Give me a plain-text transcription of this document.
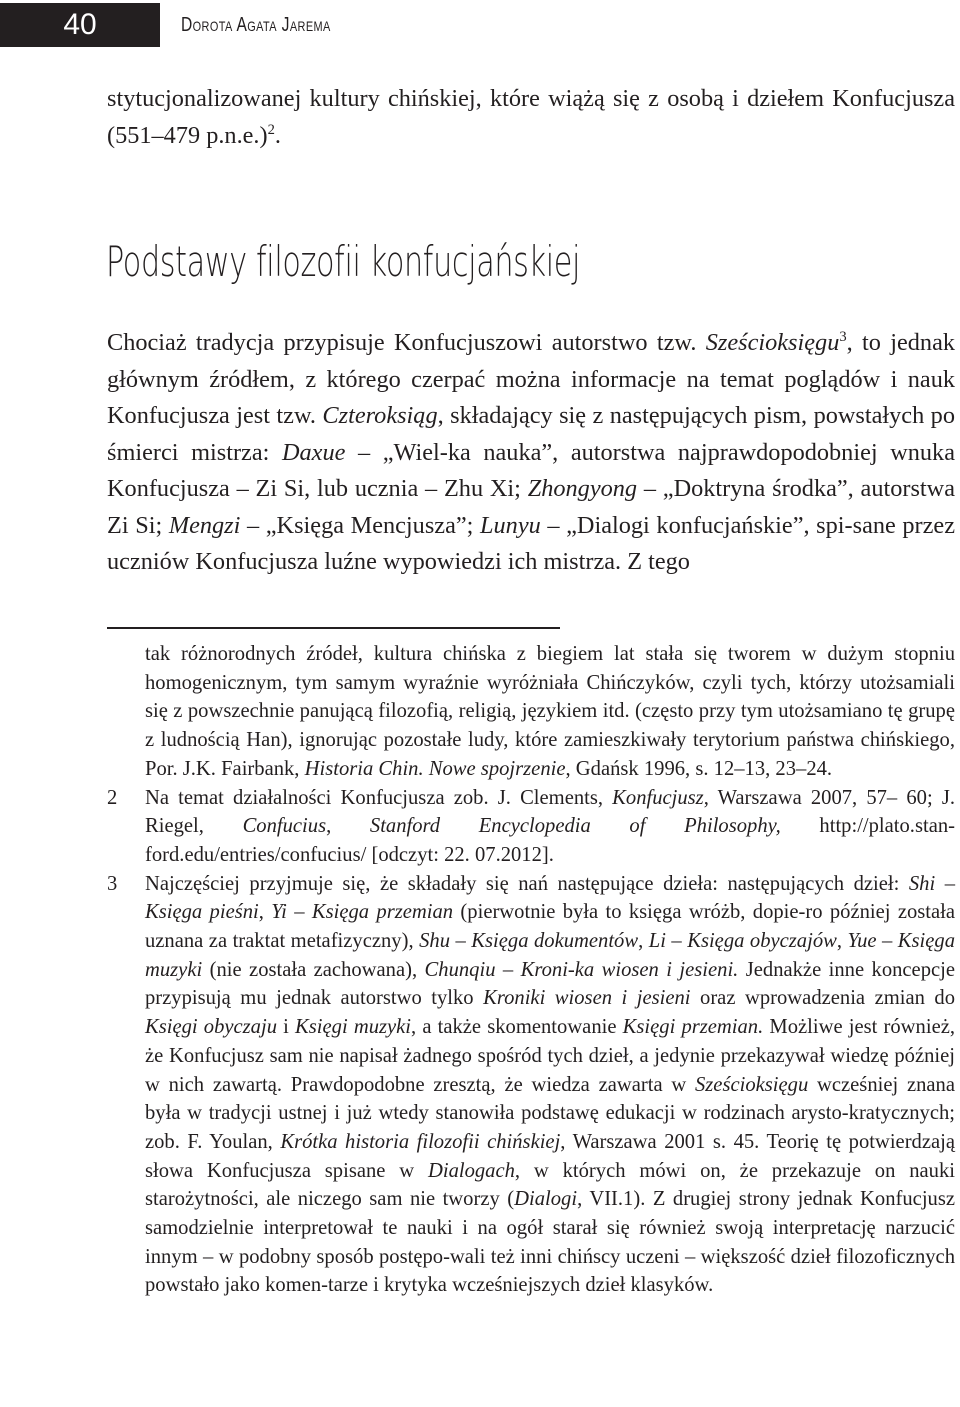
40	Dorota Agata Jarema
stytucjonalizowanej kultury chińskiej, które wiążą się z osobą i dziełem Konfucjusza (551–479 p.n.e.)$^2$.
Podstawy filozofii konfucjańskiej
Chociaż tradycja przypisuje Konfucjuszowi autorstwo tzw. Sześcioksięgu$^3$, to jednak głównym źródłem, z którego czerpać można informacje na temat poglądów i nauk Konfucjusza jest tzw. Czteroksiąg, składający się z następujących pism, powstałych po śmierci mistrza: Daxue – „Wiel-ka nauka”, autorstwa najprawdopodobniej wnuka Konfucjusza – Zi Si, lub ucznia – Zhu Xi; Zhongyong – „Doktryna środka”, autorstwa Zi Si; Mengzi – „Księga Mencjusza”; Lunyu – „Dialogi konfucjańskie”, spi-sane przez uczniów Konfucjusza luźne wypowiedzi ich mistrza. Z tego
tak różnorodnych źródeł, kultura chińska z biegiem lat stała się tworem w dużym stopniu homogenicznym, tym samym wyraźnie wyróżniała Chińczyków, czyli tych, którzy utożsamiali się z powszechnie panującą filozofią, religią, językiem itd. (często przy tym utożsamiano tę grupę z ludnością Han), ignorując pozostałe ludy, które zamieszkiwały terytorium państwa chińskiego, Por. J.K. Fairbank, Historia Chin. Nowe spojrzenie, Gdańsk 1996, s. 12–13, 23–24.
2	Na temat działalności Konfucjusza zob. J. Clements, Konfucjusz, Warszawa 2007, 57– 60; J. Riegel, Confucius, Stanford Encyclopedia of Philosophy, http://plato.stan-ford.edu/entries/confucius/ [odczyt: 22. 07.2012].
3	Najczęściej przyjmuje się, że składały się nań następujące dzieła: następujących dzieł: Shi – Księga pieśni, Yi – Księga przemian (pierwotnie była to księga wróżb, dopie-ro później została uznana za traktat metafizyczny), Shu – Księga dokumentów, Li – Księga obyczajów, Yue – Księga muzyki (nie została zachowana), Chunqiu – Kroni-ka wiosen i jesieni. Jednakże inne koncepcje przypisują mu jednak autorstwo tylko Kroniki wiosen i jesieni oraz wprowadzenia zmian do Księgi obyczaju i Księgi muzyki, a także skomentowanie Księgi przemian. Możliwe jest również, że Konfucjusz sam nie napisał żadnego spośród tych dzieł, a jedynie przekazywał wiedzę później w nich zawartą. Prawdopodobne zresztą, że wiedza zawarta w Sześcioksięgu wcześniej znana była w tradycji ustnej i już wtedy stanowiła podstawę edukacji w rodzinach arysto-kratycznych; zob. F. Youlan, Krótka historia filozofii chińskiej, Warszawa 2001 s. 45. Teorię tę potwierdzają słowa Konfucjusza spisane w Dialogach, w których mówi on, że przekazuje on nauki starożytności, ale niczego sam nie tworzy (Dialogi, VII.1). Z drugiej strony jednak Konfucjusz samodzielnie interpretował te nauki i na ogół starał się również swoją interpretację narzucić innym – w podobny sposób postępo-wali też inni chińscy uczeni – większość dzieł filozoficznych powstało jako komen-tarze i krytyka wcześniejszych dzieł klasyków.
